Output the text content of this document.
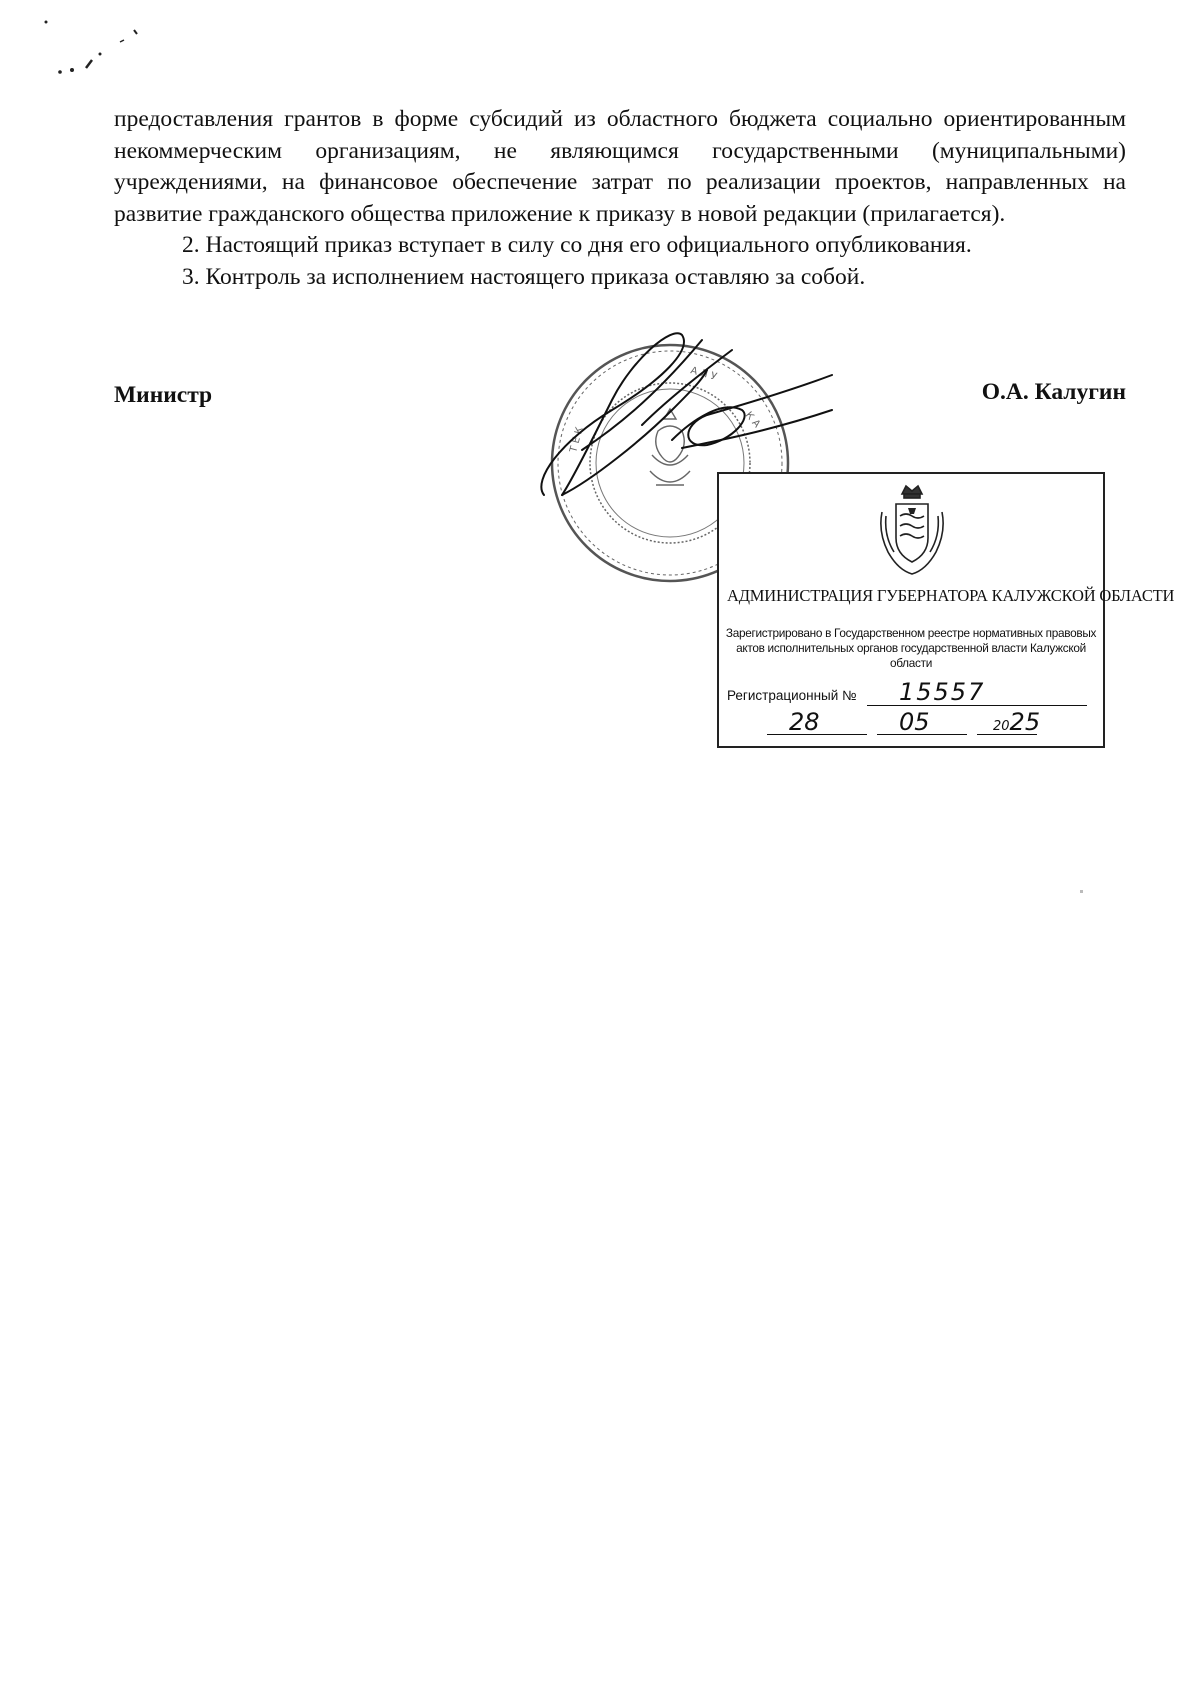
предоставления грантов в форме субсидий из областного бюджета социально ориентированным некоммерческим организациям, не являющимся государственными (муниципальными) учреждениями, на финансовое обеспечение затрат по реализации проектов, направленных на развитие гражданского общества приложение к приказу в новой редакции (прилагается).

2. Настоящий приказ вступает в силу со дня его официального опубликования.

3. Контроль за исполнением настоящего приказа оставляю за собой.

Министр	О.А. Калугин
Т Е К
А Л У
К А
АДМИНИСТРАЦИЯ ГУБЕРНАТОРА КАЛУЖСКОЙ ОБЛАСТИ
Зарегистрировано в Государственном реестре нормативных правовых актов исполнительных органов государственной власти Калужской области
Регистрационный № 15557
28	05	2025
